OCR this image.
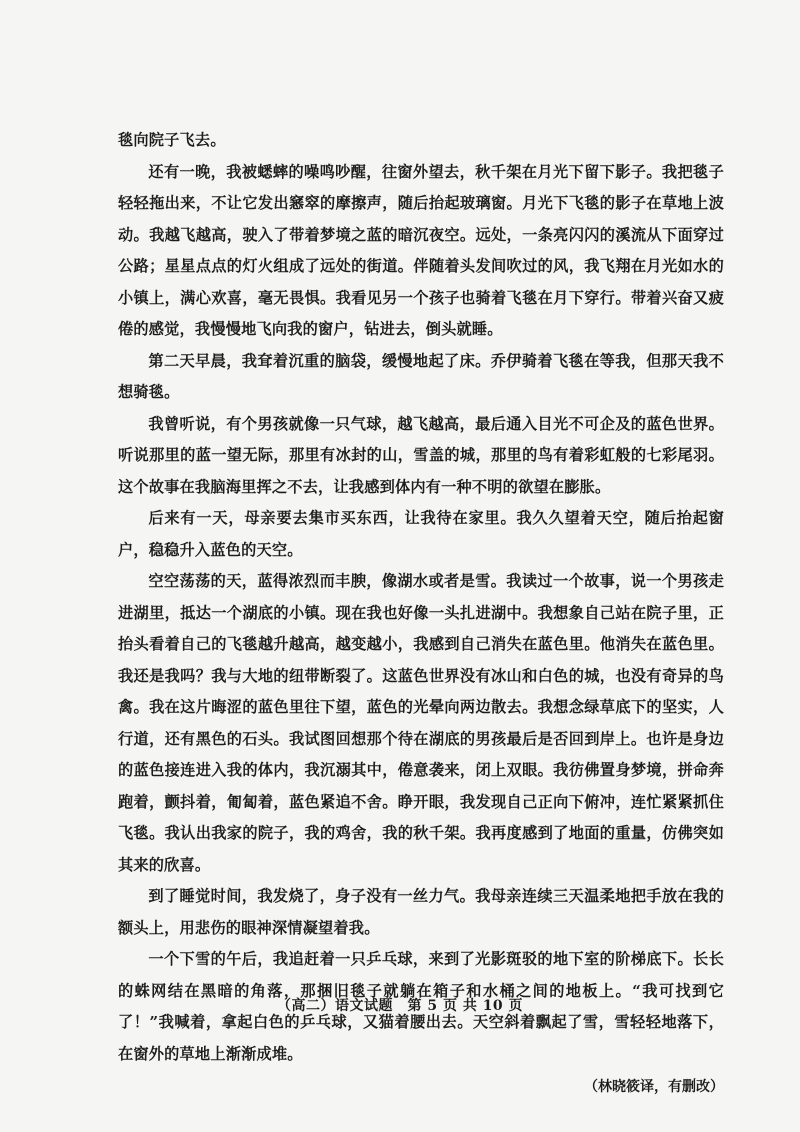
毯向院子飞去。

还有一晚，我被蟋蟀的噪鸣吵醒，往窗外望去，秋千架在月光下留下影子。我把毯子轻轻拖出来，不让它发出窸窣的摩擦声，随后抬起玻璃窗。月光下飞毯的影子在草地上波动。我越飞越高，驶入了带着梦境之蓝的暗沉夜空。远处，一条亮闪闪的溪流从下面穿过公路；星星点点的灯火组成了远处的街道。伴随着头发间吹过的风，我飞翔在月光如水的小镇上，满心欢喜，毫无畏惧。我看见另一个孩子也骑着飞毯在月下穿行。带着兴奋又疲倦的感觉，我慢慢地飞向我的窗户，钻进去，倒头就睡。

第二天早晨，我耷着沉重的脑袋，缓慢地起了床。乔伊骑着飞毯在等我，但那天我不想骑毯。

我曾听说，有个男孩就像一只气球，越飞越高，最后通入目光不可企及的蓝色世界。听说那里的蓝一望无际，那里有冰封的山，雪盖的城，那里的鸟有着彩虹般的七彩尾羽。这个故事在我脑海里挥之不去，让我感到体内有一种不明的欲望在膨胀。

后来有一天，母亲要去集市买东西，让我待在家里。我久久望着天空，随后抬起窗户，稳稳升入蓝色的天空。

空空荡荡的天，蓝得浓烈而丰腴，像湖水或者是雪。我读过一个故事，说一个男孩走进湖里，抵达一个湖底的小镇。现在我也好像一头扎进湖中。我想象自己站在院子里，正抬头看着自己的飞毯越升越高，越变越小，我感到自己消失在蓝色里。他消失在蓝色里。我还是我吗？我与大地的纽带断裂了。这蓝色世界没有冰山和白色的城，也没有奇异的鸟禽。我在这片晦涩的蓝色里往下望，蓝色的光晕向两边散去。我想念绿草底下的坚实，人行道，还有黑色的石头。我试图回想那个待在湖底的男孩最后是否回到岸上。也许是身边的蓝色接连进入我的体内，我沉溺其中，倦意袭来，闭上双眼。我彷佛置身梦境，拼命奔跑着，颤抖着，匍匐着，蓝色紧追不舍。睁开眼，我发现自己正向下俯冲，连忙紧紧抓住飞毯。我认出我家的院子，我的鸡舍，我的秋千架。我再度感到了地面的重量，仿佛突如其来的欣喜。

到了睡觉时间，我发烧了，身子没有一丝力气。我母亲连续三天温柔地把手放在我的额头上，用悲伤的眼神深情凝望着我。

一个下雪的午后，我追赶着一只乒乓球，来到了光影斑驳的地下室的阶梯底下。长长的蛛网结在黑暗的角落，那捆旧毯子就躺在箱子和水桶之间的地板上。“我可找到它了！”我喊着，拿起白色的乒乓球，又猫着腰出去。天空斜着飘起了雪，雪轻轻地落下，在窗外的草地上渐渐成堆。

（林晓筱译，有删改）

（高二）语文试题　第 5 页 共 10 页
